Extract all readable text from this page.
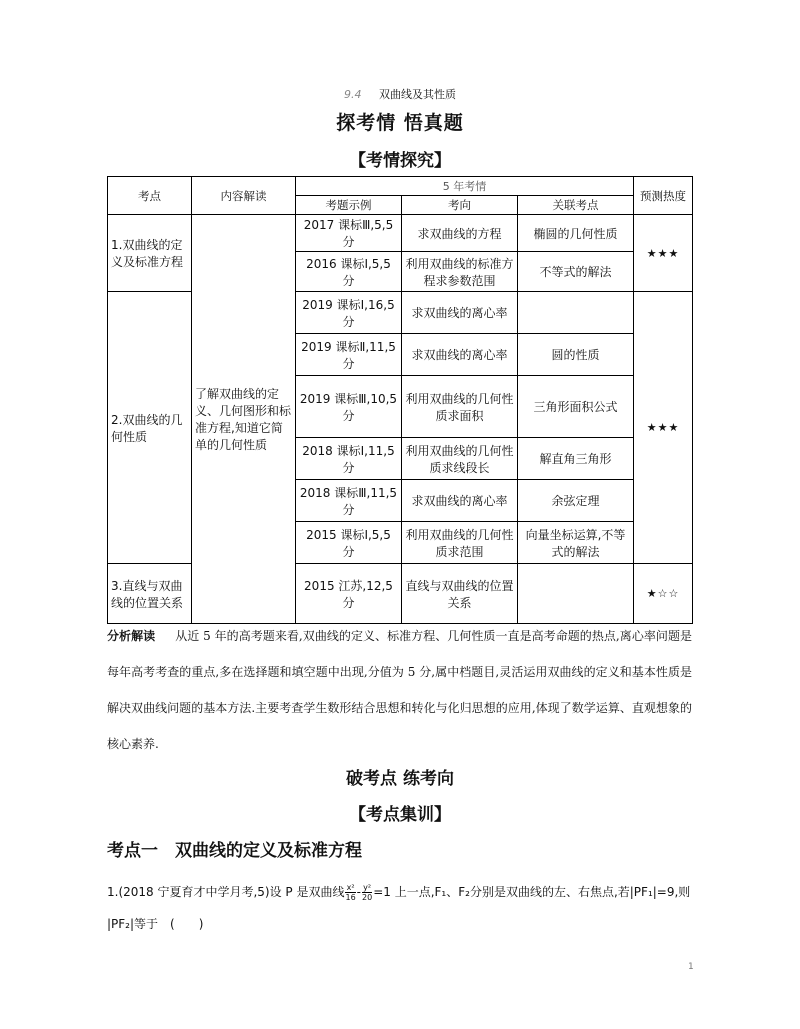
9.4 双曲线及其性质
探考情 悟真题
【考情探究】
考点	内容解读	5 年考情			预测热度
		考题示例	考向	关联考点	
1.双曲线的定义及标准方程	了解双曲线的定义、几何图形和标准方程,知道它简单的几何性质	2017 课标Ⅲ,5,5 分	求双曲线的方程	椭圆的几何性质	★★★
		2016 课标Ⅰ,5,5 分	利用双曲线的标准方程求参数范围	不等式的解法	
2.双曲线的几何性质		2019 课标Ⅰ,16,5 分	求双曲线的离心率		★★★
		2019 课标Ⅱ,11,5 分	求双曲线的离心率	圆的性质	
		2019 课标Ⅲ,10,5 分	利用双曲线的几何性质求面积	三角形面积公式	
		2018 课标Ⅰ,11,5 分	利用双曲线的几何性质求线段长	解直角三角形	
		2018 课标Ⅲ,11,5 分	求双曲线的离心率	余弦定理	
		2015 课标Ⅰ,5,5 分	利用双曲线的几何性质求范围	向量坐标运算,不等式的解法	
3.直线与双曲线的位置关系		2015 江苏,12,5 分	直线与双曲线的位置关系		★☆☆
分析解读 从近 5 年的高考题来看,双曲线的定义、标准方程、几何性质一直是高考命题的热点,离心率问题是每年高考考查的重点,多在选择题和填空题中出现,分值为 5 分,属中档题目,灵活运用双曲线的定义和基本性质是解决双曲线问题的基本方法.主要考查学生数形结合思想和转化与化归思想的应用,体现了数学运算、直观想象的核心素养.
破考点 练考向
【考点集训】
考点一　双曲线的定义及标准方程
1.(2018 宁夏育才中学月考,5)设 P 是双曲线 $\frac{\text{x²}}{16} - \frac{\text{y²}}{20} =1$ 上一点,F₁、F₂分别是双曲线的左、右焦点,若|PF₁|=9,则
|PF₂|等于　(　　)
1
